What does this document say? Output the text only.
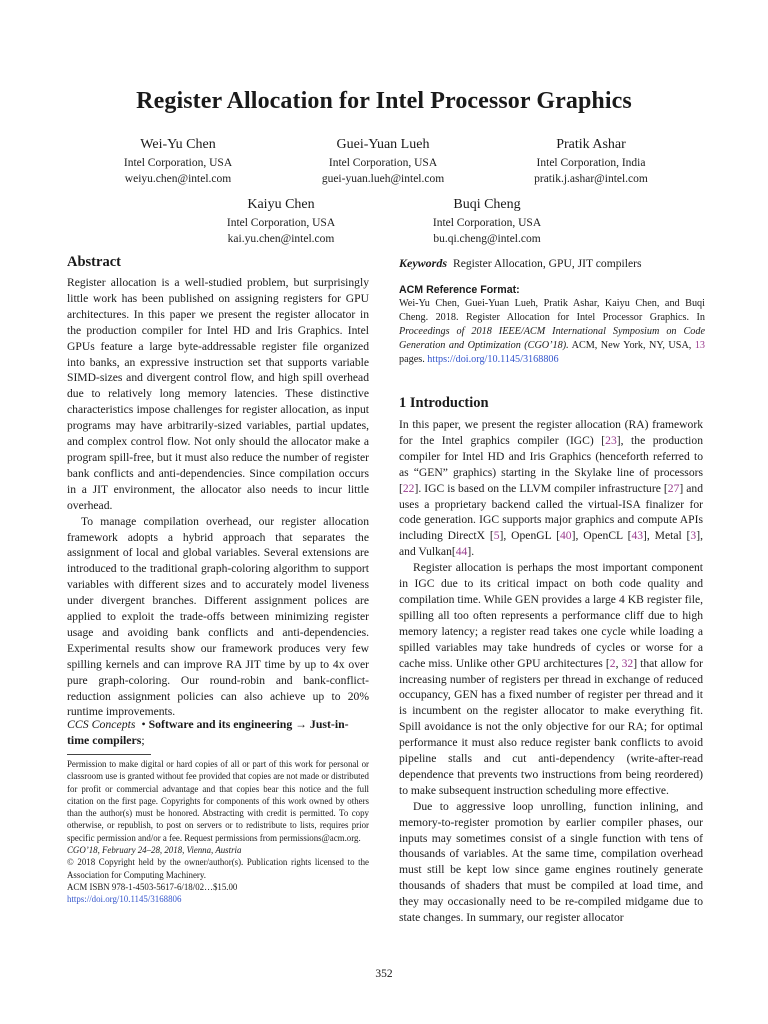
Register Allocation for Intel Processor Graphics
Wei-Yu Chen
Intel Corporation, USA
weiyu.chen@intel.com
Guei-Yuan Lueh
Intel Corporation, USA
guei-yuan.lueh@intel.com
Pratik Ashar
Intel Corporation, India
pratik.j.ashar@intel.com
Kaiyu Chen
Intel Corporation, USA
kai.yu.chen@intel.com
Buqi Cheng
Intel Corporation, USA
bu.qi.cheng@intel.com
Abstract

Register allocation is a well-studied problem, but surprisingly little work has been published on assigning registers for GPU architectures. In this paper we present the register allocator in the production compiler for Intel HD and Iris Graphics. Intel GPUs feature a large byte-addressable register file organized into banks, an expressive instruction set that supports variable SIMD-sizes and divergent control flow, and high spill overhead due to relatively long memory latencies. These distinctive characteristics impose challenges for register allocation, as input programs may have arbitrarily-sized variables, partial updates, and complex control flow. Not only should the allocator make a program spill-free, but it must also reduce the number of register bank conflicts and anti-dependencies. Since compilation occurs in a JIT environment, the allocator also needs to incur little overhead.

To manage compilation overhead, our register allocation framework adopts a hybrid approach that separates the assignment of local and global variables. Several extensions are introduced to the traditional graph-coloring algorithm to support variables with different sizes and to accurately model liveness under divergent branches. Different assignment polices are applied to exploit the trade-offs between minimizing register usage and avoiding bank conflicts and anti-dependencies. Experimental results show our framework produces very few spilling kernels and can improve RA JIT time by up to 4x over pure graph-coloring. Our round-robin and bank-conflict-reduction assignment policies can also achieve up to 20% runtime improvements.

CCS Concepts • Software and its engineering → Just-in-time compilers;

Permission to make digital or hard copies of all or part of this work for personal or classroom use is granted without fee provided that copies are not made or distributed for profit or commercial advantage and that copies bear this notice and the full citation on the first page. Copyrights for components of this work owned by others than the author(s) must be honored. Abstracting with credit is permitted. To copy otherwise, or republish, to post on servers or to redistribute to lists, requires prior specific permission and/or a fee. Request permissions from permissions@acm.org.

CGO’18, February 24–28, 2018, Vienna, Austria

© 2018 Copyright held by the owner/author(s). Publication rights licensed to the Association for Computing Machinery.

ACM ISBN 978-1-4503-5617-6/18/02…$15.00

https://doi.org/10.1145/3168806

Keywords Register Allocation, GPU, JIT compilers
ACM Reference Format:
Wei-Yu Chen, Guei-Yuan Lueh, Pratik Ashar, Kaiyu Chen, and Buqi Cheng. 2018. Register Allocation for Intel Processor Graphics. In Proceedings of 2018 IEEE/ACM International Symposium on Code Generation and Optimization (CGO’18). ACM, New York, NY, USA, 13 pages. https://doi.org/10.1145/3168806
1 Introduction

In this paper, we present the register allocation (RA) framework for the Intel graphics compiler (IGC) [23], the production compiler for Intel HD and Iris Graphics (henceforth referred to as “GEN” graphics) starting in the Skylake line of processors [22]. IGC is based on the LLVM compiler infrastructure [27] and uses a proprietary backend called the virtual-ISA finalizer for code generation. IGC supports major graphics and compute APIs including DirectX [5], OpenGL [40], OpenCL [43], Metal [3], and Vulkan[44].

Register allocation is perhaps the most important component in IGC due to its critical impact on both code quality and compilation time. While GEN provides a large 4 KB register file, spilling all too often represents a performance cliff due to high memory latency; a register read takes one cycle while loading a spilled variables may take hundreds of cycles or worse for a cache miss. Unlike other GPU architectures [2, 32] that allow for increasing number of registers per thread in exchange of reduced occupancy, GEN has a fixed number of register per thread and it is incumbent on the register allocator to make everything fit. Spill avoidance is not the only objective for our RA; for optimal performance it must also reduce register bank conflicts to avoid pipeline stalls and cut anti-dependency (write-after-read dependence that prevents two instructions from being reordered) to make subsequent instruction scheduling more effective.

Due to aggressive loop unrolling, function inlining, and memory-to-register promotion by earlier compiler phases, our inputs may sometimes consist of a single function with tens of thousands of variables. At the same time, compilation overhead must still be kept low since game engines routinely generate thousands of shaders that must be compiled at load time, and they may occasionally need to be re-compiled midgame due to state changes. In summary, our register allocator

352
